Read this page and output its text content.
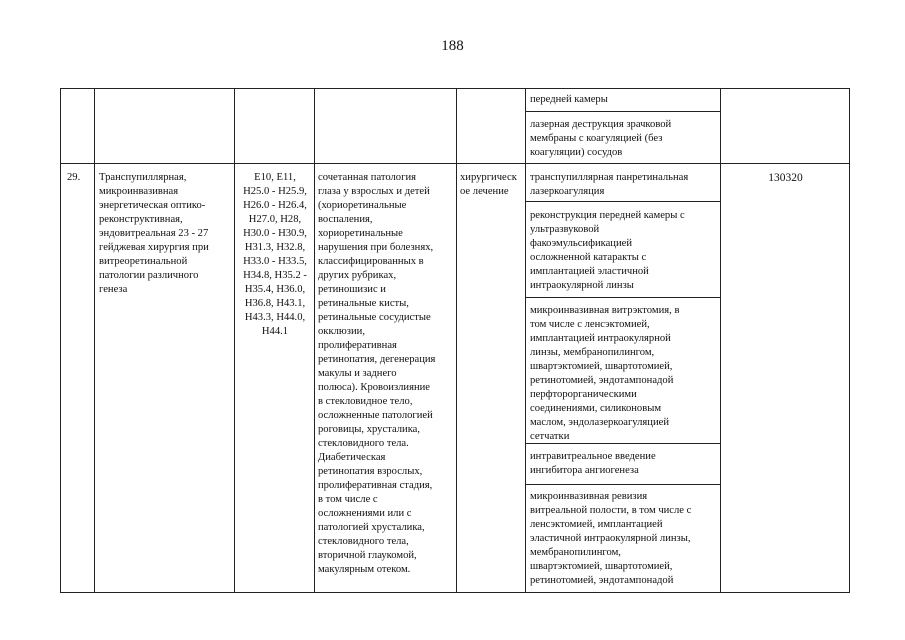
188
передней камеры
лазерная деструкция зрачковой
мембраны с коагуляцией (без
коагуляции) сосудов
29.	Транспупиллярная,
микроинвазивная
энергетическая оптико-
реконструктивная,
эндовитреальная 23 - 27
гейджевая хирургия при
витреоретинальной
патологии различного
генеза
E10, E11,
H25.0 - H25.9,
H26.0 - H26.4,
H27.0, H28,
H30.0 - H30.9,
H31.3, H32.8,
H33.0 - H33.5,
H34.8, H35.2 -
H35.4, H36.0,
H36.8, H43.1,
H43.3, H44.0,
H44.1
сочетанная патология
глаза у взрослых и детей
(хориоретинальные
воспаления,
хориоретинальные
нарушения при болезнях,
классифицированных в
других рубриках,
ретиношизис и
ретинальные кисты,
ретинальные сосудистые
окклюзии,
пролиферативная
ретинопатия, дегенерация
макулы и заднего
полюса). Кровоизлияние
в стекловидное тело,
осложненные патологией
роговицы, хрусталика,
стекловидного тела.
Диабетическая
ретинопатия взрослых,
пролиферативная стадия,
в том числе с
осложнениями или с
патологией хрусталика,
стекловидного тела,
вторичной глаукомой,
макулярным отеком.
хирургическ
ое лечение
транспупиллярная панретинальная
лазеркоагуляция
реконструкция передней камеры с
ультразвуковой
факоэмульсификацией
осложненной катаракты с
имплантацией эластичной
интраокулярной линзы
микроинвазивная витрэктомия, в
том числе с ленсэктомией,
имплантацией интраокулярной
линзы, мембранопилингом,
швартэктомией, швартотомией,
ретинотомией, эндотампонадой
перфторорганическими
соединениями, силиконовым
маслом, эндолазеркоагуляцией
сетчатки
интравитреальное введение
ингибитора ангиогенеза
микроинвазивная ревизия
витреальной полости, в том числе с
ленсэктомией, имплантацией
эластичной интраокулярной линзы,
мембранопилингом,
швартэктомией, швартотомией,
ретинотомией, эндотампонадой
130320
